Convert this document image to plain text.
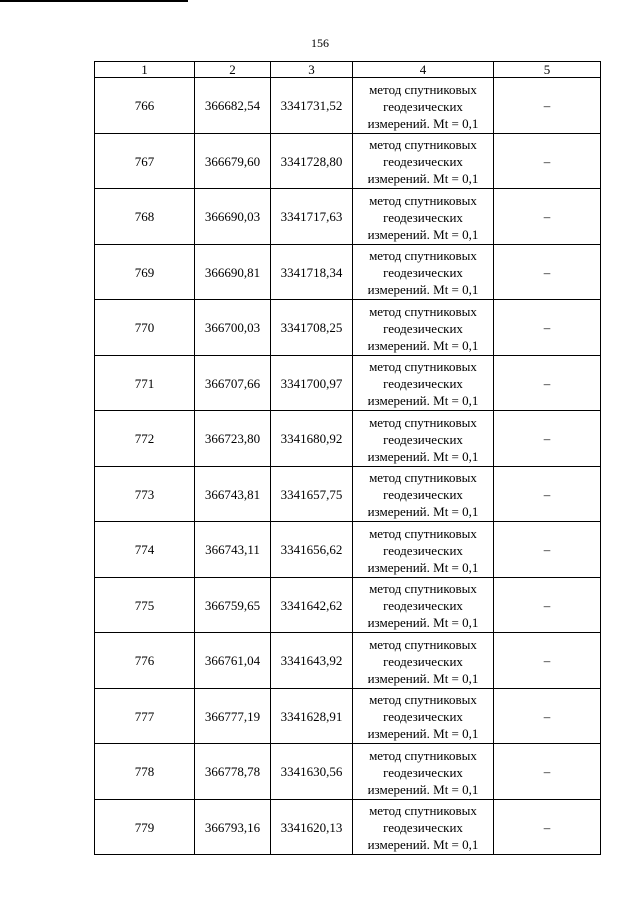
156
1	2	3	4	5
766	366682,54	3341731,52	метод спутниковых геодезических измерений. Mt = 0,1	–
767	366679,60	3341728,80	метод спутниковых геодезических измерений. Mt = 0,1	–
768	366690,03	3341717,63	метод спутниковых геодезических измерений. Mt = 0,1	–
769	366690,81	3341718,34	метод спутниковых геодезических измерений. Mt = 0,1	–
770	366700,03	3341708,25	метод спутниковых геодезических измерений. Mt = 0,1	–
771	366707,66	3341700,97	метод спутниковых геодезических измерений. Mt = 0,1	–
772	366723,80	3341680,92	метод спутниковых геодезических измерений. Mt = 0,1	–
773	366743,81	3341657,75	метод спутниковых геодезических измерений. Mt = 0,1	–
774	366743,11	3341656,62	метод спутниковых геодезических измерений. Mt = 0,1	–
775	366759,65	3341642,62	метод спутниковых геодезических измерений. Mt = 0,1	–
776	366761,04	3341643,92	метод спутниковых геодезических измерений. Mt = 0,1	–
777	366777,19	3341628,91	метод спутниковых геодезических измерений. Mt = 0,1	–
778	366778,78	3341630,56	метод спутниковых геодезических измерений. Mt = 0,1	–
779	366793,16	3341620,13	метод спутниковых геодезических измерений. Mt = 0,1	–
